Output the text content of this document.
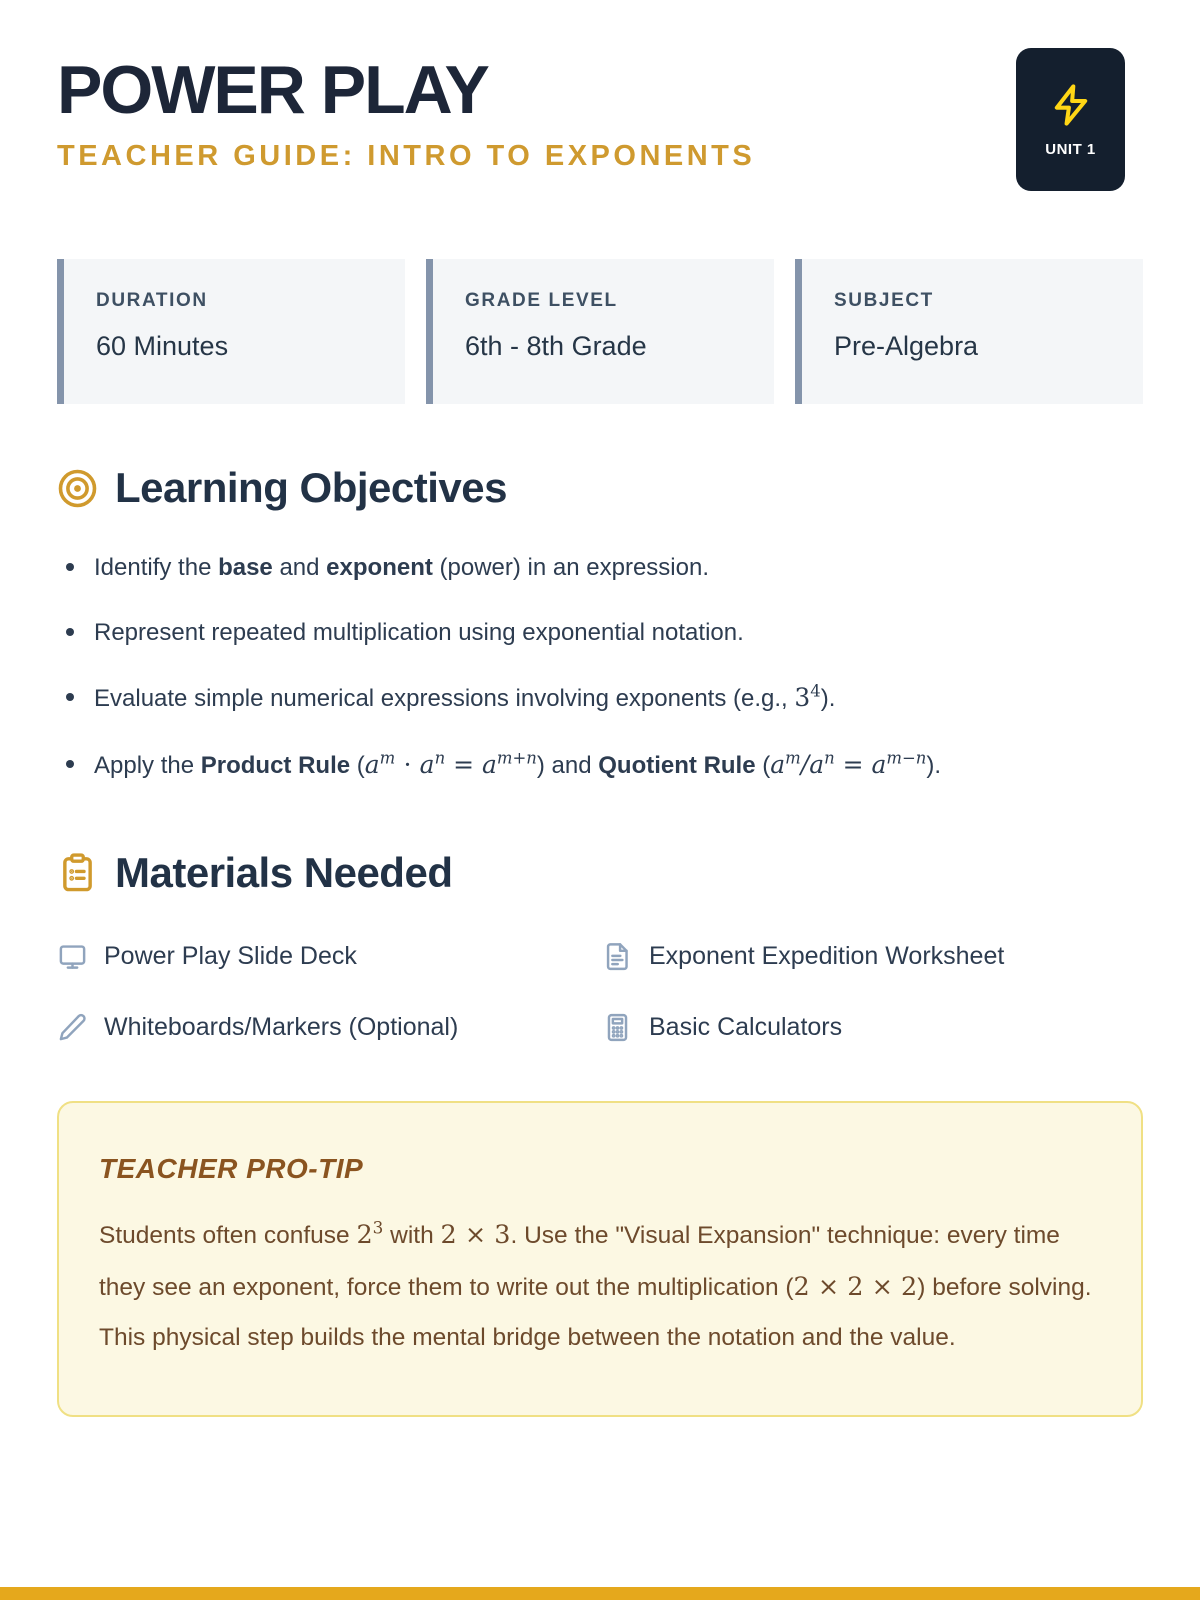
POWER PLAY
TEACHER GUIDE: INTRO TO EXPONENTS	UNIT 1
DURATION
60 Minutes
GRADE LEVEL
6th - 8th Grade
SUBJECT
Pre-Algebra
Learning Objectives
Identify the base and exponent (power) in an expression.
Represent repeated multiplication using exponential notation.
Evaluate simple numerical expressions involving exponents (e.g., $3^4$).
Apply the Product Rule $(a^m \cdot a^n = a^{m+n})$ and Quotient Rule $(a^m/a^n = a^{m-n})$.
Materials Needed
Power Play Slide Deck	Exponent Expedition Worksheet
Whiteboards/Markers (Optional)	Basic Calculators
TEACHER PRO-TIP
Students often confuse $2^3$ with 2 × 3. Use the "Visual Expansion" technique: every time they see an exponent, force them to write out the multiplication (2 × 2 × 2) before solving. This physical step builds the mental bridge between the notation and the value.
